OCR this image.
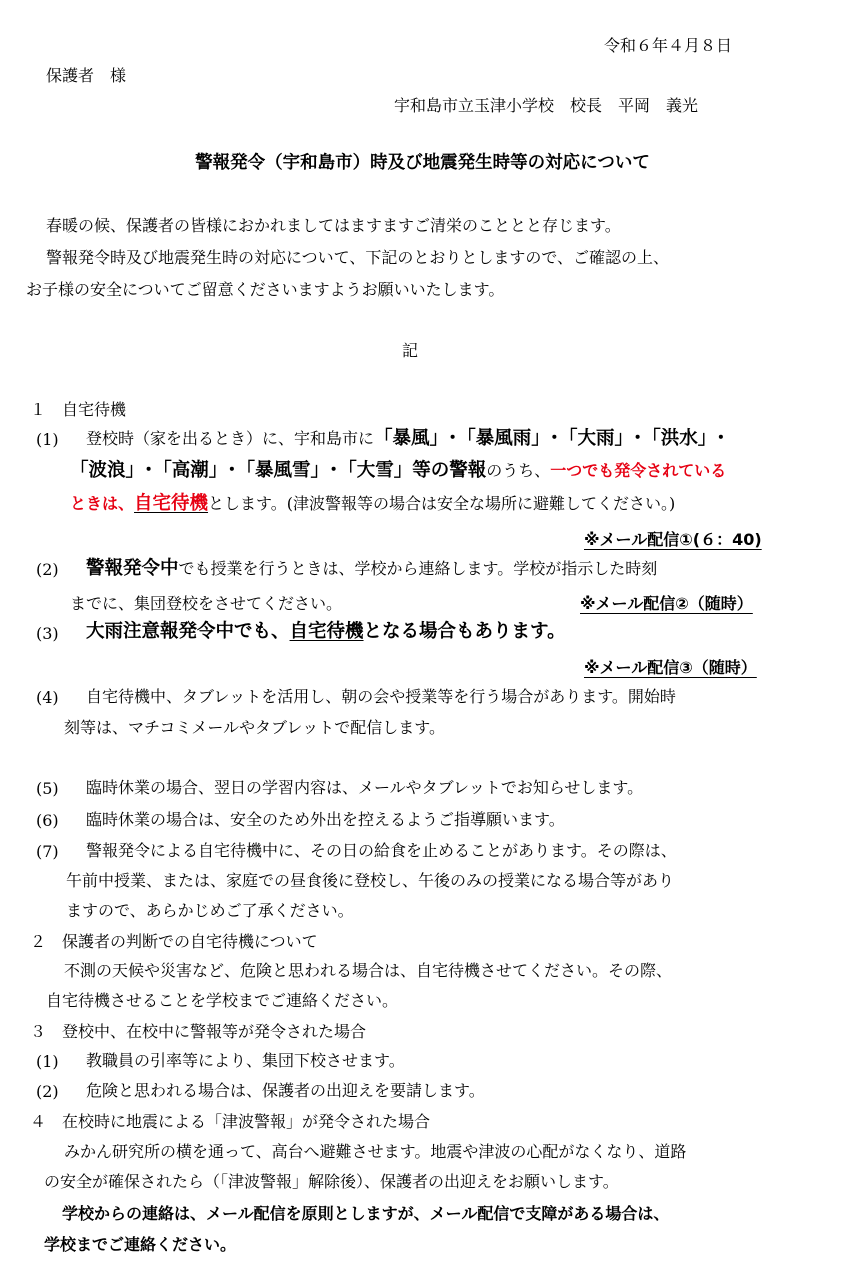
令和６年４月８日
保護者　様
宇和島市立玉津小学校　校長　平岡　義光
警報発令（宇和島市）時及び地震発生時等の対応について
春暖の候、保護者の皆様におかれましてはますますご清栄のこととと存じます。
警報発令時及び地震発生時の対応について、下記のとおりとしますので、ご確認の上、
お子様の安全についてご留意くださいますようお願いいたします。
記
１　自宅待機
(1) 登校時（家を出るとき）に、宇和島市に「暴風」･「暴風雨」･「大雨」･「洪水」･
「波浪」･「高潮」･「暴風雪」･「大雪」等の警報のうち、一つでも発令されている
ときは、自宅待機とします。(津波警報等の場合は安全な場所に避難してください。)
※メール配信①(６：40)
(2) 警報発令中でも授業を行うときは、学校から連絡します。学校が指示した時刻
までに、集団登校をさせてください。	※メール配信②（随時）
(3) 大雨注意報発令中でも、自宅待機となる場合もあります。
※メール配信③（随時）
(4) 自宅待機中、タブレットを活用し、朝の会や授業等を行う場合があります。開始時
刻等は、マチコミメールやタブレットで配信します。
(5) 臨時休業の場合、翌日の学習内容は、メールやタブレットでお知らせします。
(6) 臨時休業の場合は、安全のため外出を控えるようご指導願います。
(7) 警報発令による自宅待機中に、その日の給食を止めることがあります。その際は、
午前中授業、または、家庭での昼食後に登校し、午後のみの授業になる場合等があり
ますので、あらかじめご了承ください。
２　保護者の判断での自宅待機について
不測の天候や災害など、危険と思われる場合は、自宅待機させてください。その際、
自宅待機させることを学校までご連絡ください。
３　登校中、在校中に警報等が発令された場合
(1) 教職員の引率等により、集団下校させます。
(2) 危険と思われる場合は、保護者の出迎えを要請します。
４　在校時に地震による「津波警報」が発令された場合
みかん研究所の横を通って、高台へ避難させます。地震や津波の心配がなくなり、道路
の安全が確保されたら（「津波警報」解除後）、保護者の出迎えをお願いします。
学校からの連絡は、メール配信を原則としますが、メール配信で支障がある場合は、
学校までご連絡ください。
